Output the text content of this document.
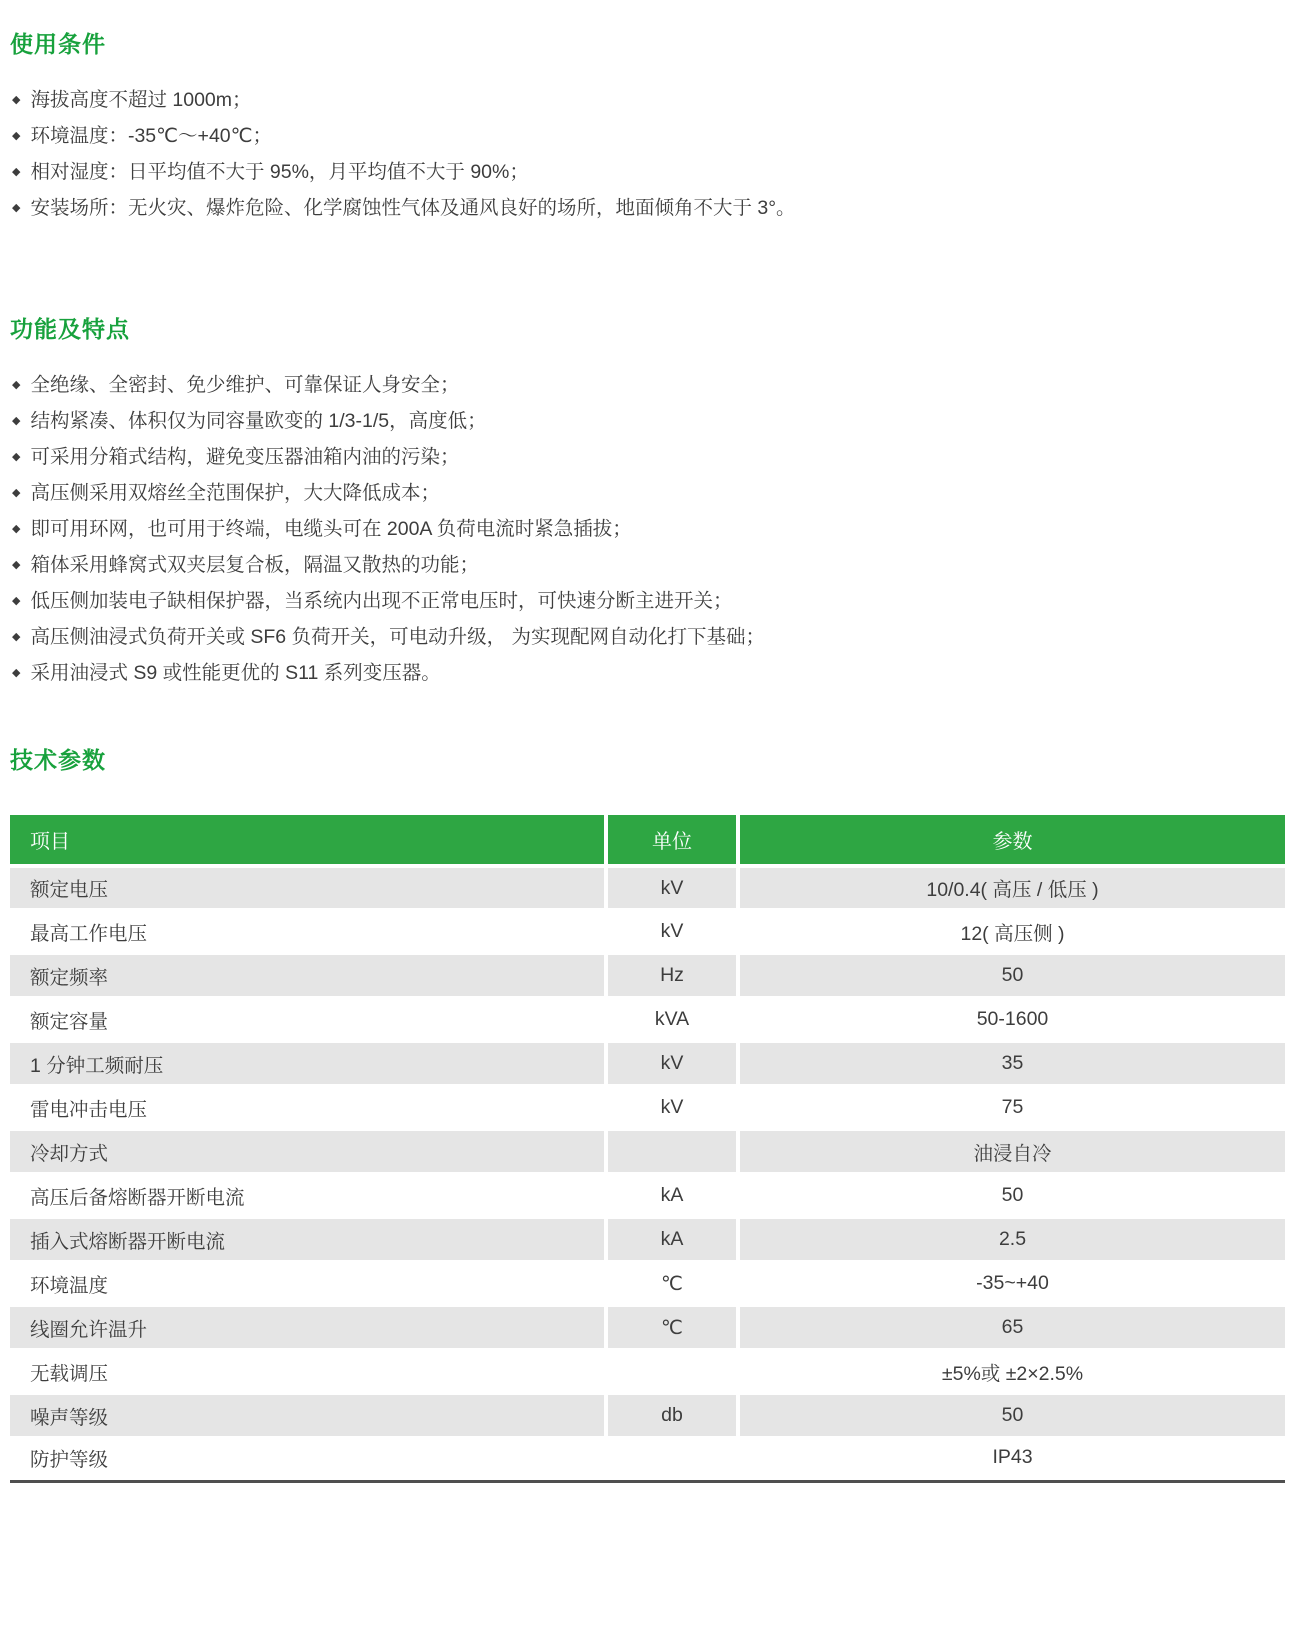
使用条件
◆ 海拔高度不超过 1000m；
◆ 环境温度：-35℃～+40℃；
◆ 相对湿度：日平均值不大于 95%，月平均值不大于 90%；
◆ 安装场所：无火灾、爆炸危险、化学腐蚀性气体及通风良好的场所，地面倾角不大于 3°。
功能及特点
◆ 全绝缘、全密封、免少维护、可靠保证人身安全；
◆ 结构紧凑、体积仅为同容量欧变的 1/3-1/5，高度低；
◆ 可采用分箱式结构，避免变压器油箱内油的污染；
◆ 高压侧采用双熔丝全范围保护，大大降低成本；
◆ 即可用环网，也可用于终端，电缆头可在 200A 负荷电流时紧急插拔；
◆ 箱体采用蜂窝式双夹层复合板，隔温又散热的功能；
◆ 低压侧加装电子缺相保护器，当系统内出现不正常电压时，可快速分断主进开关；
◆ 高压侧油浸式负荷开关或 SF6 负荷开关，可电动升级， 为实现配网自动化打下基础；
◆ 采用油浸式 S9 或性能更优的 S11 系列变压器。
技术参数
项目	单位	参数
额定电压	kV	10/0.4( 高压 / 低压 )
最高工作电压	kV	12( 高压侧 )
额定频率	Hz	50
额定容量	kVA	50-1600
1 分钟工频耐压	kV	35
雷电冲击电压	kV	75
冷却方式		油浸自冷
高压后备熔断器开断电流	kA	50
插入式熔断器开断电流	kA	2.5
环境温度	℃	-35~+40
线圈允许温升	℃	65
无载调压		±5%或 ±2×2.5%
噪声等级	db	50
防护等级		IP43
